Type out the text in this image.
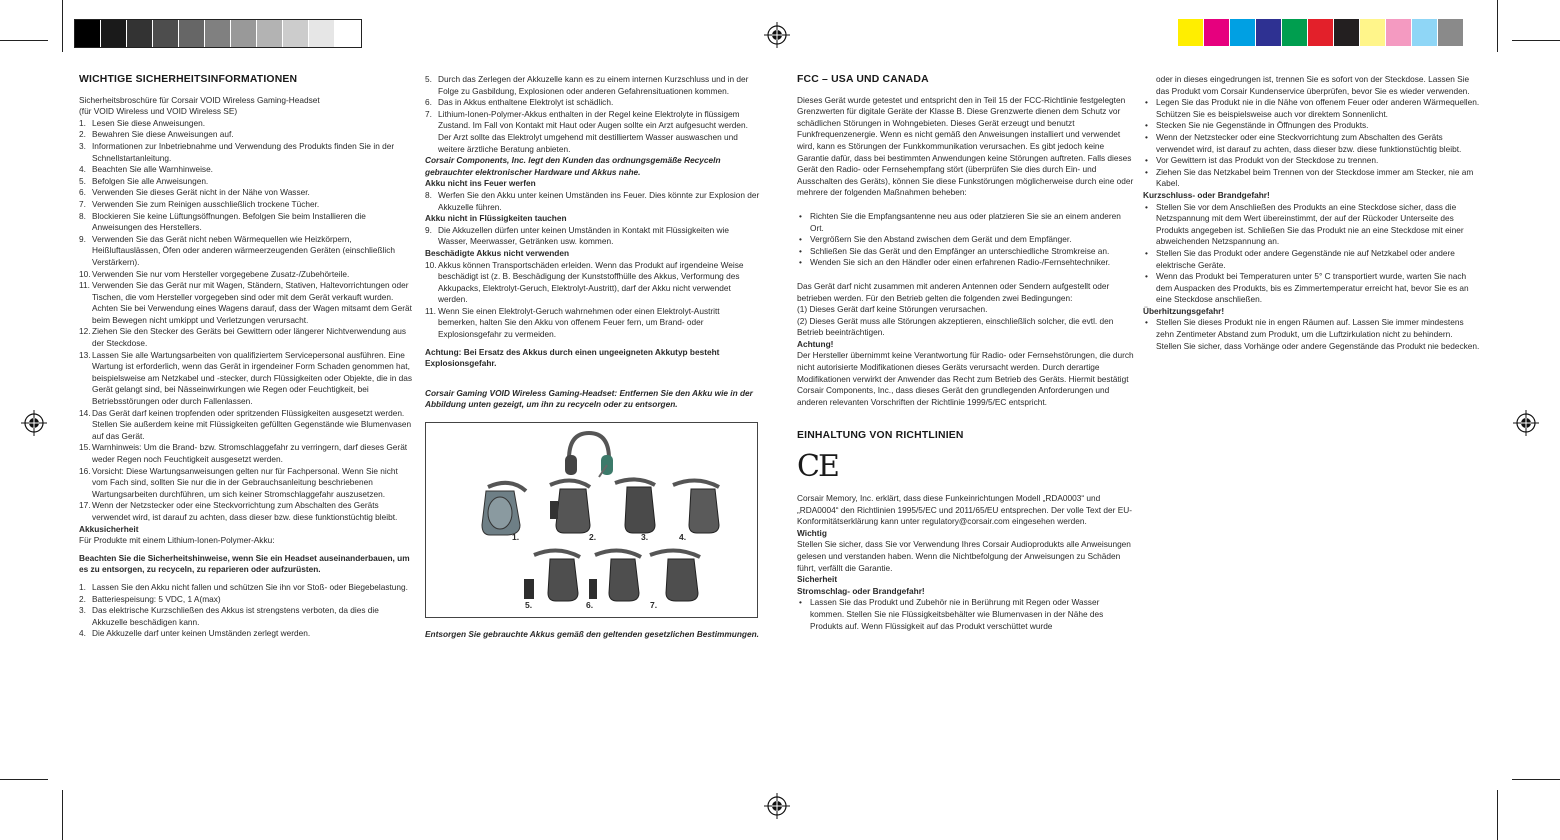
WICHTIGE SICHERHEITSINFORMATIONEN

Sicherheitsbroschüre für Corsair VOID Wireless Gaming-Headset

(für VOID Wireless und VOID Wireless SE)

1. Lesen Sie diese Anweisungen.
2. Bewahren Sie diese Anweisungen auf.
3. Informationen zur Inbetriebnahme und Verwendung des Produkts finden Sie in der Schnellstartanleitung.
4. Beachten Sie alle Warnhinweise.
5. Befolgen Sie alle Anweisungen.
6. Verwenden Sie dieses Gerät nicht in der Nähe von Wasser.
7. Verwenden Sie zum Reinigen ausschließlich trockene Tücher.
8. Blockieren Sie keine Lüftungsöffnungen. Befolgen Sie beim Installieren die Anweisungen des Herstellers.
9. Verwenden Sie das Gerät nicht neben Wärmequellen wie Heizkörpern, Heißluftauslässen, Öfen oder anderen wärmeerzeugenden Geräten (einschließlich Verstärkern).
10. Verwenden Sie nur vom Hersteller vorgegebene Zusatz-/Zubehörteile.
11. Verwenden Sie das Gerät nur mit Wagen, Ständern, Stativen, Haltevorrichtungen oder Tischen, die vom Hersteller vorgegeben sind oder mit dem Gerät verkauft wurden. Achten Sie bei Verwendung eines Wagens darauf, dass der Wagen mitsamt dem Gerät beim Bewegen nicht umkippt und Verletzungen verursacht.
12. Ziehen Sie den Stecker des Geräts bei Gewittern oder längerer Nichtverwendung aus der Steckdose.
13. Lassen Sie alle Wartungsarbeiten von qualifiziertem Servicepersonal ausführen. Eine Wartung ist erforderlich, wenn das Gerät in irgendeiner Form Schaden genommen hat, beispielsweise am Netzkabel und -stecker, durch Flüssigkeiten oder Objekte, die in das Gerät gelangt sind, bei Nässeinwirkungen wie Regen oder Feuchtigkeit, bei Betriebsstörungen oder durch Fallenlassen.
14. Das Gerät darf keinen tropfenden oder spritzenden Flüssigkeiten ausgesetzt werden. Stellen Sie außerdem keine mit Flüssigkeiten gefüllten Gegenstände wie Blumenvasen auf das Gerät.
15. Warnhinweis: Um die Brand- bzw. Stromschlaggefahr zu verringern, darf dieses Gerät weder Regen noch Feuchtigkeit ausgesetzt werden.
16. Vorsicht: Diese Wartungsanweisungen gelten nur für Fachpersonal. Wenn Sie nicht vom Fach sind, sollten Sie nur die in der Gebrauchsanleitung beschriebenen Wartungsarbeiten durchführen, um sich keiner Stromschlaggefahr auszusetzen.
17. Wenn der Netzstecker oder eine Steckvorrichtung zum Abschalten des Geräts verwendet wird, ist darauf zu achten, dass dieser bzw. diese funktionstüchtig bleibt.

Akkusicherheit

Für Produkte mit einem Lithium-Ionen-Polymer-Akku:

Beachten Sie die Sicherheitshinweise, wenn Sie ein Headset auseinanderbauen, um es zu entsorgen, zu recyceln, zu reparieren oder aufzurüsten.

1. Lassen Sie den Akku nicht fallen und schützen Sie ihn vor Stoß- oder Biegebelastung.
2. Batteriespeisung: 5 VDC, 1 A(max)
3. Das elektrische Kurzschließen des Akkus ist strengstens verboten, da dies die Akkuzelle beschädigen kann.
4. Die Akkuzelle darf unter keinen Umständen zerlegt werden.
5. Durch das Zerlegen der Akkuzelle kann es zu einem internen Kurzschluss und in der Folge zu Gasbildung, Explosionen oder anderen Gefahrensituationen kommen.
6. Das in Akkus enthaltene Elektrolyt ist schädlich.
7. Lithium-Ionen-Polymer-Akkus enthalten in der Regel keine Elektrolyte in flüssigem Zustand. Im Fall von Kontakt mit Haut oder Augen sollte ein Arzt aufgesucht werden. Der Arzt sollte das Elektrolyt umgehend mit destilliertem Wasser auswaschen und weitere ärztliche Beratung anbieten.

Corsair Components, Inc. legt den Kunden das ordnungsgemäße Recyceln gebrauchter elektronischer Hardware und Akkus nahe.

Akku nicht ins Feuer werfen

8. Werfen Sie den Akku unter keinen Umständen ins Feuer. Dies könnte zur Explosion der Akkuzelle führen.

Akku nicht in Flüssigkeiten tauchen

9. Die Akkuzellen dürfen unter keinen Umständen in Kontakt mit Flüssigkeiten wie Wasser, Meerwasser, Getränken usw. kommen.

Beschädigte Akkus nicht verwenden

10. Akkus können Transportschäden erleiden. Wenn das Produkt auf irgendeine Weise beschädigt ist (z. B. Beschädigung der Kunststoffhülle des Akkus, Verformung des Akkupacks, Elektrolyt-Geruch, Elektrolyt-Austritt), darf der Akku nicht verwendet werden.
11. Wenn Sie einen Elektrolyt-Geruch wahrnehmen oder einen Elektrolyt-Austritt bemerken, halten Sie den Akku von offenem Feuer fern, um Brand- oder Explosionsgefahr zu vermeiden.

Achtung: Bei Ersatz des Akkus durch einen ungeeigneten Akkutyp besteht Explosionsgefahr.

Corsair Gaming VOID Wireless Gaming-Headset: Entfernen Sie den Akku wie in der Abbildung unten gezeigt, um ihn zu recyceln oder zu entsorgen.

1.	2.	3.	4.
5.	6.	7.

Entsorgen Sie gebrauchte Akkus gemäß den geltenden gesetzlichen Bestimmungen.

FCC – USA UND CANADA

Dieses Gerät wurde getestet und entspricht den in Teil 15 der FCC-Richtlinie festgelegten Grenzwerten für digitale Geräte der Klasse B. Diese Grenzwerte dienen dem Schutz vor schädlichen Störungen in Wohngebieten. Dieses Gerät erzeugt und benutzt Funkfrequenzenergie. Wenn es nicht gemäß den Anweisungen installiert und verwendet wird, kann es Störungen der Funkkommunikation verursachen. Es gibt jedoch keine Garantie dafür, dass bei bestimmten Anwendungen keine Störungen auftreten. Falls dieses Gerät den Radio- oder Fernsehempfang stört (überprüfen Sie dies durch Ein- und Ausschalten des Geräts), können Sie diese Funkstörungen möglicherweise durch eine oder mehrere der folgenden Maßnahmen beheben:

• Richten Sie die Empfangsantenne neu aus oder platzieren Sie sie an einem anderen Ort.
• Vergrößern Sie den Abstand zwischen dem Gerät und dem Empfänger.
• Schließen Sie das Gerät und den Empfänger an unterschiedliche Stromkreise an.
• Wenden Sie sich an den Händler oder einen erfahrenen Radio-/Fernsehtechniker.

Das Gerät darf nicht zusammen mit anderen Antennen oder Sendern aufgestellt oder betrieben werden. Für den Betrieb gelten die folgenden zwei Bedingungen:

(1) Dieses Gerät darf keine Störungen verursachen.

(2) Dieses Gerät muss alle Störungen akzeptieren, einschließlich solcher, die evtl. den Betrieb beeinträchtigen.

Achtung!

Der Hersteller übernimmt keine Verantwortung für Radio- oder Fernsehstörungen, die durch nicht autorisierte Modifikationen dieses Geräts verursacht werden. Durch derartige Modifikationen verwirkt der Anwender das Recht zum Betrieb des Geräts. Hiermit bestätigt Corsair Components, Inc., dass dieses Gerät den grundlegenden Anforderungen und anderen relevanten Vorschriften der Richtlinie 1999/5/EC entspricht.

EINHALTUNG VON RICHTLINIEN
CE

Corsair Memory, Inc. erklärt, dass diese Funkeinrichtungen Modell „RDA0003“ und „RDA0004“ den Richtlinien 1995/5/EC und 2011/65/EU entsprechen. Der volle Text der EU-Konformitätserklärung kann unter regulatory@corsair.com eingesehen werden.

Wichtig

Stellen Sie sicher, dass Sie vor Verwendung Ihres Corsair Audioprodukts alle Anweisungen gelesen und verstanden haben. Wenn die Nichtbefolgung der Anweisungen zu Schäden führt, verfällt die Garantie.

Sicherheit

Stromschlag- oder Brandgefahr!

• Lassen Sie das Produkt und Zubehör nie in Berührung mit Regen oder Wasser kommen. Stellen Sie nie Flüssigkeitsbehälter wie Blumenvasen in der Nähe des Produkts auf. Wenn Flüssigkeit auf das Produkt verschüttet wurde

oder in dieses eingedrungen ist, trennen Sie es sofort von der Steckdose. Lassen Sie das Produkt vom Corsair Kundenservice überprüfen, bevor Sie es wieder verwenden.

• Legen Sie das Produkt nie in die Nähe von offenem Feuer oder anderen Wärmequellen. Schützen Sie es beispielsweise auch vor direktem Sonnenlicht.
• Stecken Sie nie Gegenstände in Öffnungen des Produkts.
• Wenn der Netzstecker oder eine Steckvorrichtung zum Abschalten des Geräts verwendet wird, ist darauf zu achten, dass dieser bzw. diese funktionstüchtig bleibt.
• Vor Gewittern ist das Produkt von der Steckdose zu trennen.
• Ziehen Sie das Netzkabel beim Trennen von der Steckdose immer am Stecker, nie am Kabel.

Kurzschluss- oder Brandgefahr!

• Stellen Sie vor dem Anschließen des Produkts an eine Steckdose sicher, dass die Netzspannung mit dem Wert übereinstimmt, der auf der Rückoder Unterseite des Produkts angegeben ist. Schließen Sie das Produkt nie an eine Steckdose mit einer abweichenden Netzspannung an.
• Stellen Sie das Produkt oder andere Gegenstände nie auf Netzkabel oder andere elektrische Geräte.
• Wenn das Produkt bei Temperaturen unter 5° C transportiert wurde, warten Sie nach dem Auspacken des Produkts, bis es Zimmertemperatur erreicht hat, bevor Sie es an eine Steckdose anschließen.

Überhitzungsgefahr!

• Stellen Sie dieses Produkt nie in engen Räumen auf. Lassen Sie immer mindestens zehn Zentimeter Abstand zum Produkt, um die Luftzirkulation nicht zu behindern. Stellen Sie sicher, dass Vorhänge oder andere Gegenstände das Produkt nie bedecken.
